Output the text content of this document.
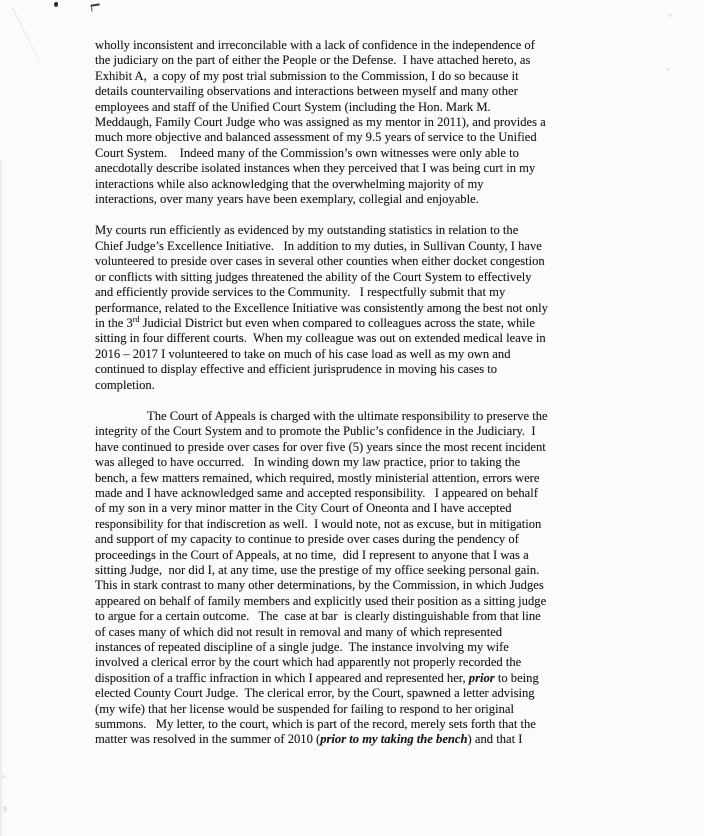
wholly inconsistent and irreconcilable with a lack of confidence in the independence of
the judiciary on the part of either the People or the Defense.  I have attached hereto, as
Exhibit A,  a copy of my post trial submission to the Commission, I do so because it
details countervailing observations and interactions between myself and many other
employees and staff of the Unified Court System (including the Hon. Mark M.
Meddaugh, Family Court Judge who was assigned as my mentor in 2011), and provides a
much more objective and balanced assessment of my 9.5 years of service to the Unified
Court System.    Indeed many of the Commission’s own witnesses were only able to
anecdotally describe isolated instances when they perceived that I was being curt in my
interactions while also acknowledging that the overwhelming majority of my
interactions, over many years have been exemplary, collegial and enjoyable.
My courts run efficiently as evidenced by my outstanding statistics in relation to the
Chief Judge’s Excellence Initiative.   In addition to my duties, in Sullivan County, I have
volunteered to preside over cases in several other counties when either docket congestion
or conflicts with sitting judges threatened the ability of the Court System to effectively
and efficiently provide services to the Community.   I respectfully submit that my
performance, related to the Excellence Initiative was consistently among the best not only
in the 3rd Judicial District but even when compared to colleagues across the state, while
sitting in four different courts.  When my colleague was out on extended medical leave in
2016 – 2017 I volunteered to take on much of his case load as well as my own and
continued to display effective and efficient jurisprudence in moving his cases to
completion.
The Court of Appeals is charged with the ultimate responsibility to preserve the
integrity of the Court System and to promote the Public’s confidence in the Judiciary.  I
have continued to preside over cases for over five (5) years since the most recent incident
was alleged to have occurred.   In winding down my law practice, prior to taking the
bench, a few matters remained, which required, mostly ministerial attention, errors were
made and I have acknowledged same and accepted responsibility.   I appeared on behalf
of my son in a very minor matter in the City Court of Oneonta and I have accepted
responsibility for that indiscretion as well.  I would note, not as excuse, but in mitigation
and support of my capacity to continue to preside over cases during the pendency of
proceedings in the Court of Appeals, at no time,  did I represent to anyone that I was a
sitting Judge,  nor did I, at any time, use the prestige of my office seeking personal gain.
This in stark contrast to many other determinations, by the Commission, in which Judges
appeared on behalf of family members and explicitly used their position as a sitting judge
to argue for a certain outcome.   The  case at bar  is clearly distinguishable from that line
of cases many of which did not result in removal and many of which represented
instances of repeated discipline of a single judge.  The instance involving my wife
involved a clerical error by the court which had apparently not properly recorded the
disposition of a traffic infraction in which I appeared and represented her, prior to being
elected County Court Judge.  The clerical error, by the Court, spawned a letter advising
(my wife) that her license would be suspended for failing to respond to her original
summons.   My letter, to the court, which is part of the record, merely sets forth that the
matter was resolved in the summer of 2010 (prior to my taking the bench) and that I
